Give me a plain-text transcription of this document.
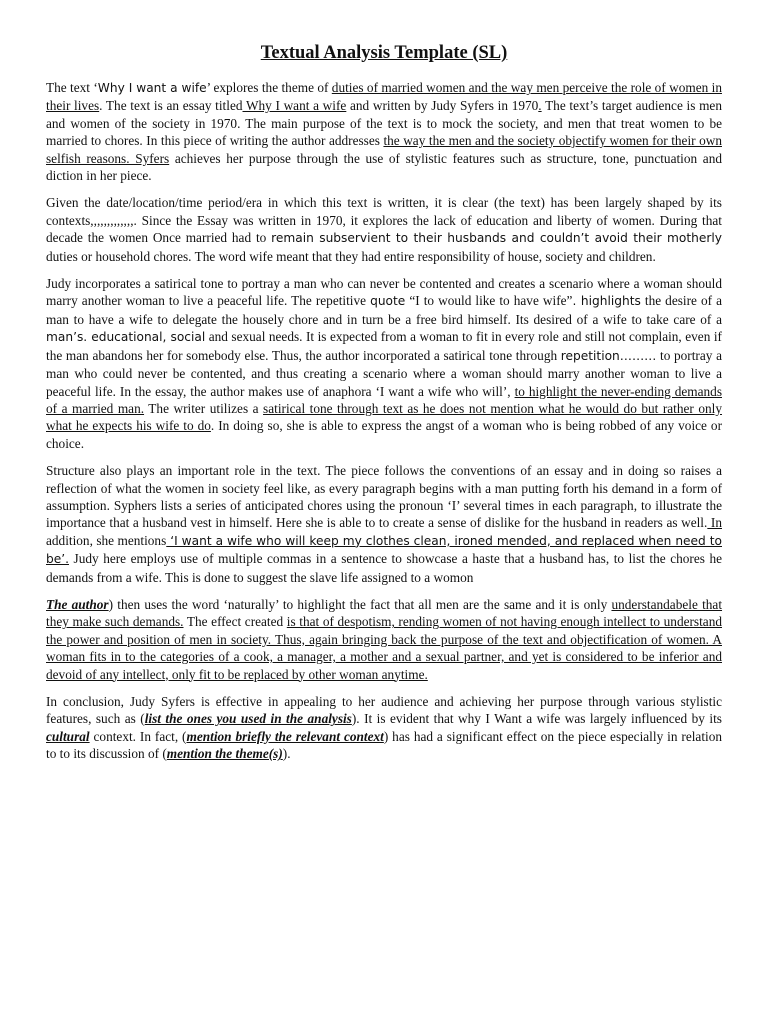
Textual Analysis Template (SL)

The text ‘Why I want a wife’ explores the theme of duties of married women and the way men perceive the role of women in their lives. The text is an essay titled Why I want a wife and written by Judy Syfers in 1970. The text’s target audience is men and women of the society in 1970. The main purpose of the text is to mock the society, and men that treat women to be married to chores. In this piece of writing the author addresses the way the men and the society objectify women for their own selfish reasons. Syfers achieves her purpose through the use of stylistic features such as structure, tone, punctuation and diction in her piece.

Given the date/location/time period/era in which this text is written, it is clear (the text) has been largely shaped by its contexts,,,,,,,,,,,,,. Since the Essay was written in 1970, it explores the lack of education and liberty of women. During that decade the women Once married had to remain subservient to their husbands and couldn’t avoid their motherly duties or household chores. The word wife meant that they had entire responsibility of house, society and children.

Judy incorporates a satirical tone to portray a man who can never be contented and creates a scenario where a woman should marry another woman to live a peaceful life. The repetitive quote “I to would like to have wife”. highlights the desire of a man to have a wife to delegate the housely chore and in turn be a free bird himself. Its desired of a wife to take care of a man’s. educational, social and sexual needs. It is expected from a woman to fit in every role and still not complain, even if the man abandons her for somebody else. Thus, the author incorporated a satirical tone through repetition……… to portray a man who could never be contented, and thus creating a scenario where a woman should marry another woman to live a peaceful life. In the essay, the author makes use of anaphora ‘I want a wife who will’, to highlight the never-ending demands of a married man. The writer utilizes a satirical tone through text as he does not mention what he would do but rather only what he expects his wife to do. In doing so, she is able to express the angst of a woman who is being robbed of any voice or choice.

Structure also plays an important role in the text. The piece follows the conventions of an essay and in doing so raises a reflection of what the women in society feel like, as every paragraph begins with a man putting forth his demand in a form of assumption. Syphers lists a series of anticipated chores using the pronoun ‘I’ several times in each paragraph, to illustrate the importance that a husband vest in himself. Here she is able to to create a sense of dislike for the husband in readers as well. In addition, she mentions ‘I want a wife who will keep my clothes clean, ironed mended, and replaced when need to be’. Judy here employs use of multiple commas in a sentence to showcase a haste that a husband has, to list the chores he demands from a wife. This is done to suggest the slave life assigned to a womon

The author) then uses the word ‘naturally’ to highlight the fact that all men are the same and it is only understandabele that they make such demands. The effect created is that of despotism, rending women of not having enough intellect to understand the power and position of men in society. Thus, again bringing back the purpose of the text and objectification of women. A woman fits in to the categories of a cook, a manager, a mother and a sexual partner, and yet is considered to be inferior and devoid of any intellect, only fit to be replaced by other woman anytime.

In conclusion, Judy Syfers is effective in appealing to her audience and achieving her purpose through various stylistic features, such as (list the ones you used in the analysis). It is evident that why I Want a wife was largely influenced by its cultural context. In fact, (mention briefly the relevant context) has had a significant effect on the piece especially in relation to to its discussion of (mention the theme(s)).
